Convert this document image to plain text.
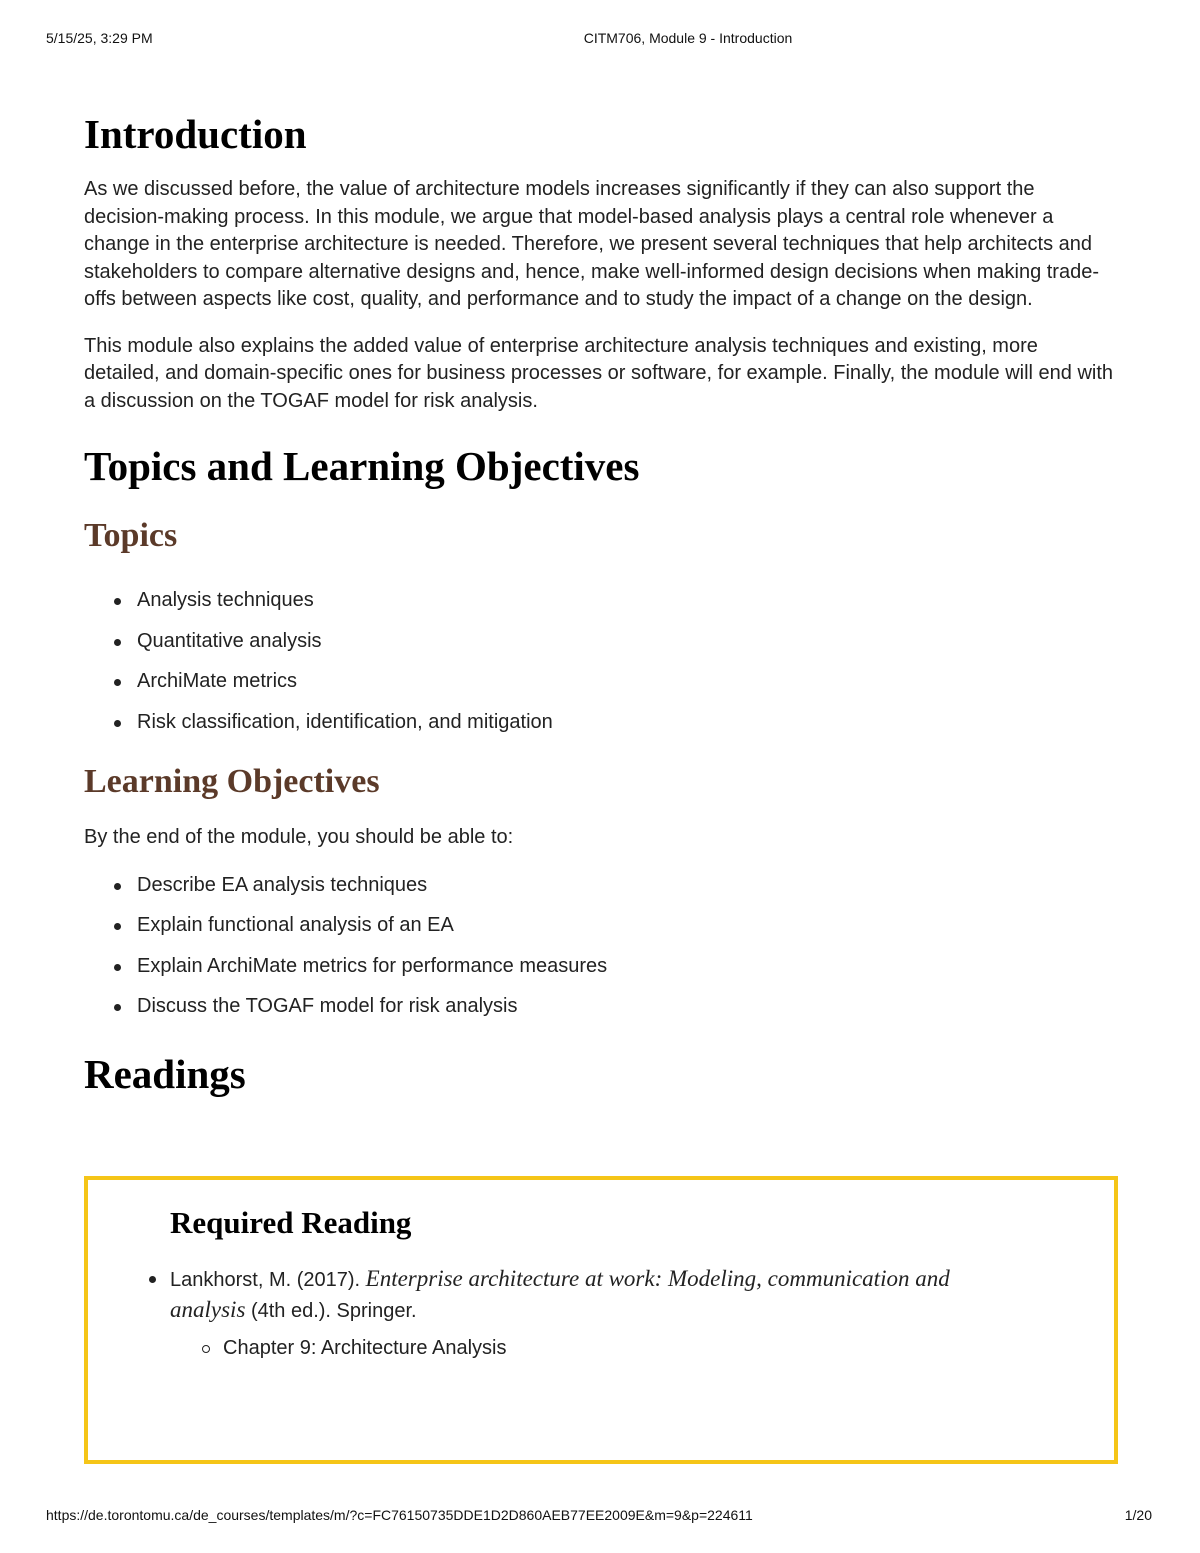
5/15/25, 3:29 PM	CITM706, Module 9 - Introduction
Introduction

As we discussed before, the value of architecture models increases significantly if they can also support the decision-making process. In this module, we argue that model-based analysis plays a central role whenever a change in the enterprise architecture is needed. Therefore, we present several techniques that help architects and stakeholders to compare alternative designs and, hence, make well-informed design decisions when making trade-offs between aspects like cost, quality, and performance and to study the impact of a change on the design.

This module also explains the added value of enterprise architecture analysis techniques and existing, more detailed, and domain-specific ones for business processes or software, for example. Finally, the module will end with a discussion on the TOGAF model for risk analysis.

Topics and Learning Objectives
Topics
Analysis techniques
Quantitative analysis
ArchiMate metrics
Risk classification, identification, and mitigation
Learning Objectives

By the end of the module, you should be able to:

Describe EA analysis techniques
Explain functional analysis of an EA
Explain ArchiMate metrics for performance measures
Discuss the TOGAF model for risk analysis
Readings
Required Reading
Lankhorst, M. (2017). Enterprise architecture at work: Modeling, communication and
analysis (4th ed.). Springer.
Chapter 9: Architecture Analysis
https://de.torontomu.ca/de_courses/templates/m/?c=FC76150735DDE1D2D860AEB77EE2009E&m=9&p=224611	1/20
